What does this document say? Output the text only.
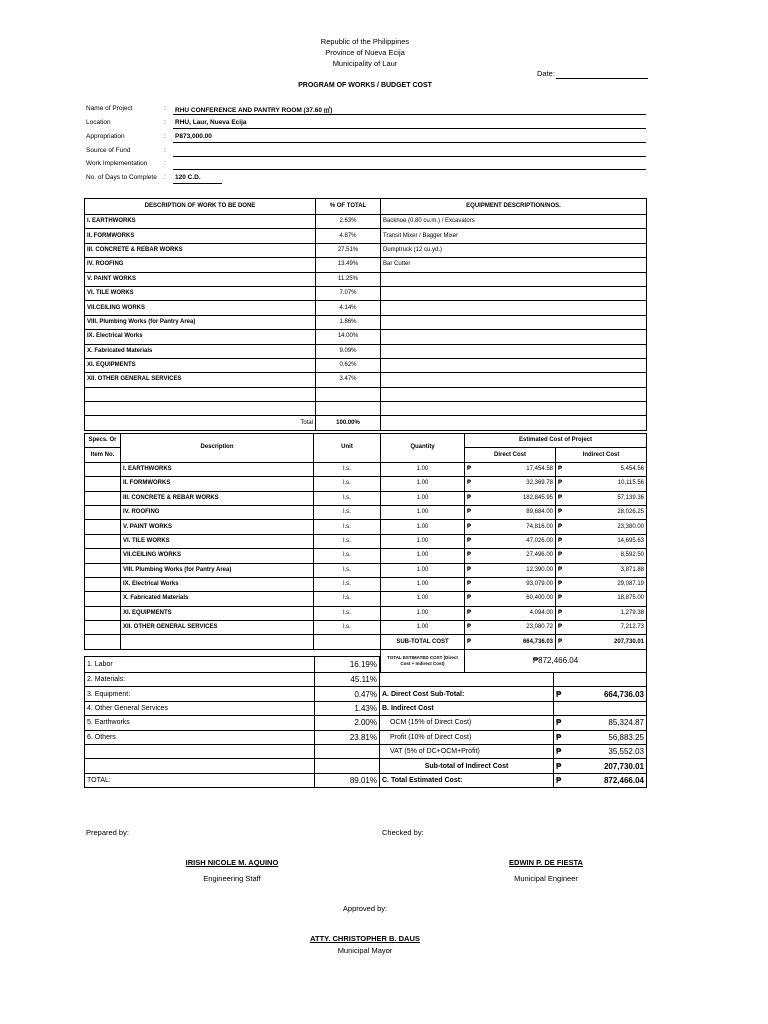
Republic of the Philippines
Province of Nueva Ecija
Municipality of Laur
Date:
PROGRAM OF WORKS / BUDGET COST
Name of Project	: RHU CONFERENCE AND PANTRY ROOM (37.60 ㎡)
Location	: RHU, Laur, Nueva Ecija
Appropriation	: P873,000.00
Source of Fund	:
Work Implementation	:
No. of Days to Complete : 120 C.D.
DESCRIPTION OF WORK TO BE DONE	% OF TOTAL	EQUIPMENT DESCRIPTION/NOS.
I. EARTHWORKS	2.63%	Backhoe (0.80 cu.m.) / Excavators
II. FORMWORKS	4.87%	Transit Mixer / Bagger Mixer
III. CONCRETE & REBAR WORKS	27.51%	Dumptruck (12 cu.yd.)
IV. ROOFING	13.49%	Bar Cutter
V. PAINT WORKS	11.25%	
VI. TILE WORKS	7.07%	
VII.CEILING WORKS	4.14%	
VIII. Plumbing Works (for Pantry Area)	1.86%	
IX. Electrical Works	14.00%	
X. Fabricated Materials	9.09%	
XI. EQUIPMENTS	0.62%	
XII. OTHER GENERAL SERVICES	3.47%	

Total	100.00%	
Specs. Or	Description	Unit	Quantity	Estimated Cost of Project	
Item No.				Direct Cost	Indirect Cost
	I. EARTHWORKS	l.s.	1.00	₱ 17,454.58	₱ 5,454.56
	II. FORMWORKS	l.s.	1.00	₱ 32,369.78	₱ 10,115.56
	III. CONCRETE & REBAR WORKS	l.s.	1.00	₱ 182,845.95	₱ 57,139.36
	IV. ROOFING	l.s.	1.00	₱ 89,684.00	₱ 28,026.25
	V. PAINT WORKS	l.s.	1.00	₱ 74,816.00	₱ 23,380.00
	VI. TILE WORKS	l.s.	1.00	₱ 47,026.00	₱ 14,695.63
	VII.CEILING WORKS	l.s.	1.00	₱ 27,496.00	₱ 8,592.50
	VIII. Plumbing Works (for Pantry Area)	l.s.	1.00	₱ 12,390.00	₱ 3,871.88
	IX. Electrical Works	l.s.	1.00	₱ 93,079.00	₱ 29,087.19
	X. Fabricated Materials	l.s.	1.00	₱ 60,400.00	₱ 18,875.00
	XI. EQUIPMENTS	l.s.	1.00	₱ 4,094.00	₱ 1,279.38
	XII. OTHER GENERAL SERVICES	l.s.	1.00	₱ 23,080.72	₱ 7,212.73
			SUB-TOTAL COST	₱ 664,736.03	₱ 207,730.01
			TOTAL ESTIMATED COST (Direct Cost + Indirect Cost)	₱872,466.04	
1. Labor	16.19%		
2. Materials:	45.11%		
3. Equipment:	0.47%	A. Direct Cost Sub-Total:	₱ 664,736.03
4. Other General Services	1.43%	B. Indirect Cost	
5. Earthworks	2.00%	OCM (15% of Direct Cost)	₱ 85,324.87
6. Others	23.81%	Profit (10% of Direct Cost)	₱ 56,883.25
		VAT (5% of DC+OCM+Profit)	₱ 35,552.03
		Sub-total of Indirect Cost	₱ 207,730.01
TOTAL:	89.01%	C. Total Estimated Cost:	₱ 872,466.04
Prepared by:	Checked by:
IRISH NICOLE M. AQUINO
Engineering Staff
EDWIN P. DE FIESTA
Municipal Engineer
Approved by:
ATTY. CHRISTOPHER B. DAUS
Municipal Mayor
